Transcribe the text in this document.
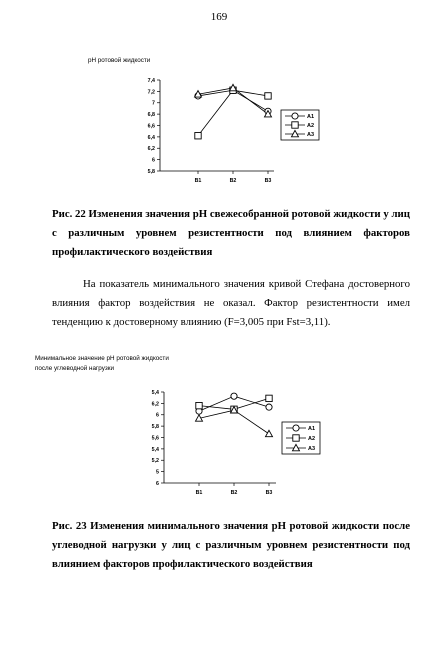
169
рН ротовой жидкости
7,4
7,2
7
6,8
6,6
6,4
6,2
6
5,8
B1	B2	B3
A1
A2
A3

Рис. 22 Изменения значения рН свежесобранной ротовой жидкости у лиц с различным уровнем резистентности под влиянием факторов профилактического воздействия

На показатель минимального значения кривой Стефана достоверного влияния фактор воздействия не оказал. Фактор резистентности имел тенденцию к достоверному влиянию (F=3,005 при Fst=3,11).

Минимальное значение рН ротовой жидкости после углеводной нагрузки
5,4
6,2
6
5,8
5,6
5,4
5,2
5
6
B1	B2	B3
A1
A2
A3

Рис. 23 Изменения минимального значения рН ротовой жидкости после углеводной нагрузки у лиц с различным уровнем резистентности под влиянием факторов профилактического воздействия
